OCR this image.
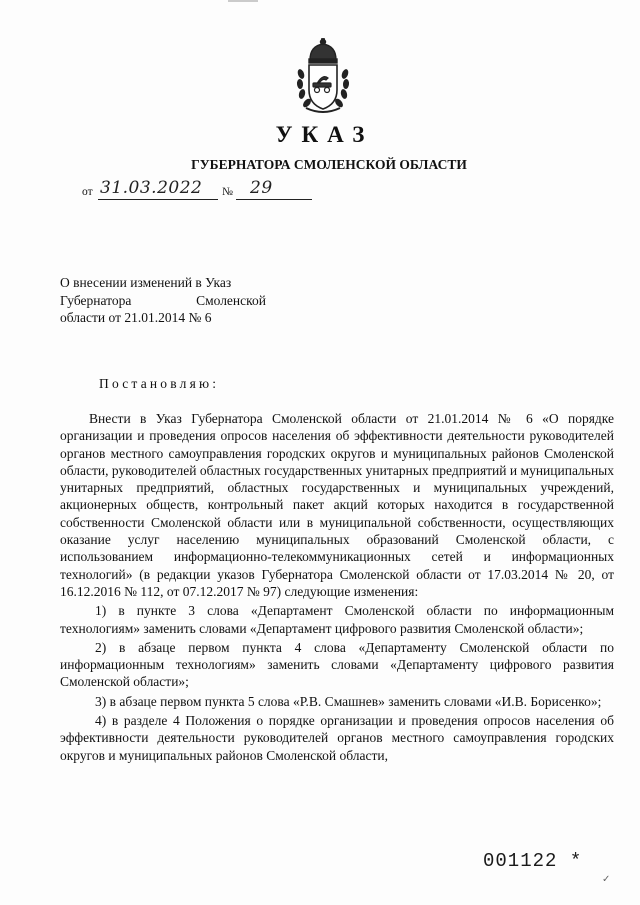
УКАЗ
ГУБЕРНАТОРА СМОЛЕНСКОЙ ОБЛАСТИ
от 31.03.2022 № 29
О внесении изменений в Указ
Губернатора	Смоленской
области от 21.01.2014 № 6
Постановляю:

Внести в Указ Губернатора Смоленской области от 21.01.2014 № 6 «О порядке организации и проведения опросов населения об эффективности деятельности руководителей органов местного самоуправления городских округов и муниципальных районов Смоленской области, руководителей областных государственных унитарных предприятий и муниципальных унитарных предприятий, областных государственных и муниципальных учреждений, акционерных обществ, контрольный пакет акций которых находится в государственной собственности Смоленской области или в муниципальной собственности, осуществляющих оказание услуг населению муниципальных образований Смоленской области, с использованием информационно-телекоммуникационных сетей и информационных технологий» (в редакции указов Губернатора Смоленской области от 17.03.2014 № 20, от 16.12.2016 № 112, от 07.12.2017 № 97) следующие изменения:

1) в пункте 3 слова «Департамент Смоленской области по информационным технологиям» заменить словами «Департамент цифрового развития Смоленской области»;

2) в абзаце первом пункта 4 слова «Департаменту Смоленской области по информационным технологиям» заменить словами «Департаменту цифрового развития Смоленской области»;

3) в абзаце первом пункта 5 слова «Р.В. Смашнев» заменить словами «И.В. Борисенко»;

4) в разделе 4 Положения о порядке организации и проведения опросов населения об эффективности деятельности руководителей органов местного самоуправления городских округов и муниципальных районов Смоленской области,

001122 *
✓
